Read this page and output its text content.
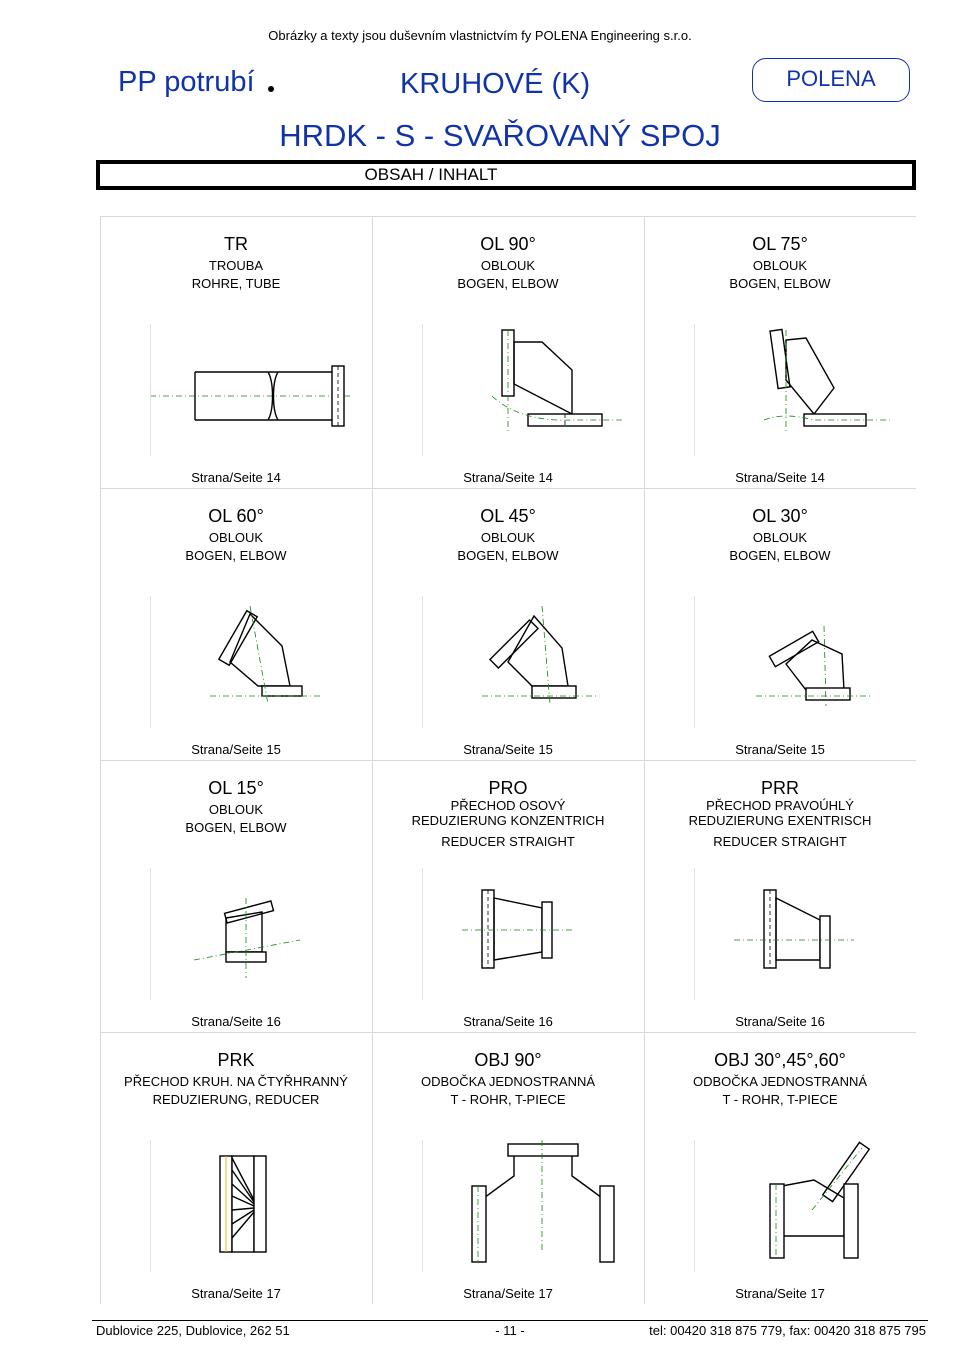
Obrázky a texty jsou duševním vlastnictvím fy POLENA Engineering s.r.o.
PP potrubí	KRUHOVÉ (K)	POLENA
HRDK - S - SVAŘOVANÝ SPOJ
OBSAH / INHALT
TR
TROUBA
ROHRE, TUBE
Strana/Seite 14
OL 90°
OBLOUK
BOGEN, ELBOW
Strana/Seite 14
OL 75°
OBLOUK
BOGEN, ELBOW
Strana/Seite 14
OL 60°
OBLOUK
BOGEN, ELBOW
Strana/Seite 15
OL 45°
OBLOUK
BOGEN, ELBOW
Strana/Seite 15
OL 30°
OBLOUK
BOGEN, ELBOW
Strana/Seite 15
OL 15°
OBLOUK
BOGEN, ELBOW
Strana/Seite 16
PRO
PŘECHOD OSOVÝ
REDUZIERUNG KONZENTRICH
REDUCER STRAIGHT
Strana/Seite 16
PRR
PŘECHOD PRAVOÚHLÝ
REDUZIERUNG EXENTRISCH
REDUCER STRAIGHT
Strana/Seite 16
PRK
PŘECHOD KRUH. NA ČTYŘHRANNÝ
REDUZIERUNG, REDUCER
Strana/Seite 17
OBJ 90°
ODBOČKA JEDNOSTRANNÁ
T - ROHR, T-PIECE
Strana/Seite 17
OBJ 30°,45°,60°
ODBOČKA JEDNOSTRANNÁ
T - ROHR, T-PIECE
Strana/Seite 17
Dublovice 225, Dublovice, 262 51	- 11 -	tel: 00420 318 875 779, fax: 00420 318 875 795
